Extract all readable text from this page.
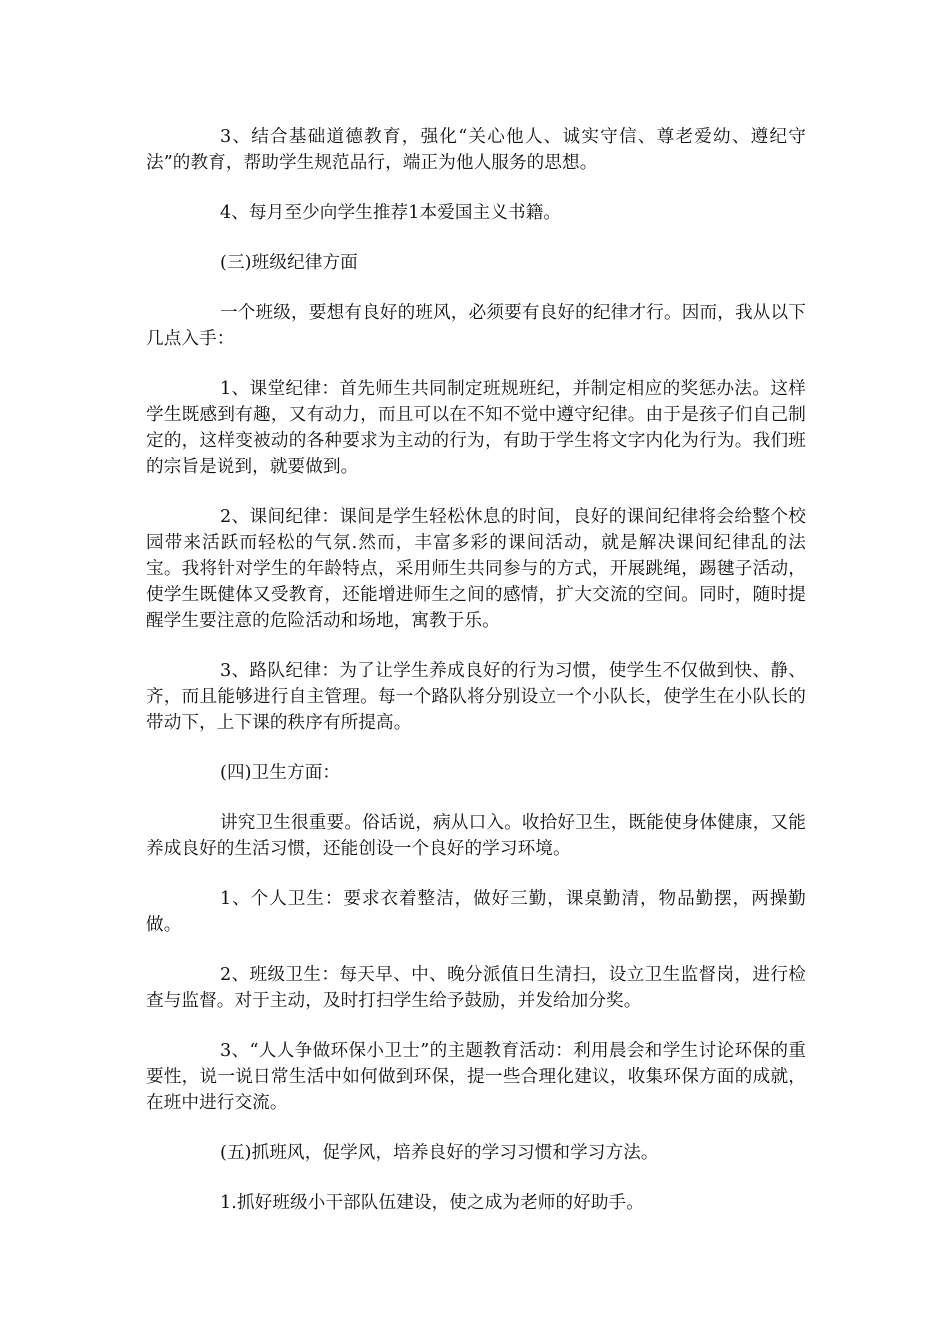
3、结合基础道德教育，强化“关心他人、诚实守信、尊老爱幼、遵纪守法”的教育，帮助学生规范品行，端正为他人服务的思想。

4、每月至少向学生推荐1本爱国主义书籍。

(三)班级纪律方面

一个班级，要想有良好的班风，必须要有良好的纪律才行。因而，我从以下几点入手：

1、课堂纪律：首先师生共同制定班规班纪，并制定相应的奖惩办法。这样学生既感到有趣，又有动力，而且可以在不知不觉中遵守纪律。由于是孩子们自己制定的，这样变被动的各种要求为主动的行为，有助于学生将文字内化为行为。我们班的宗旨是说到，就要做到。

2、课间纪律：课间是学生轻松休息的时间，良好的课间纪律将会给整个校园带来活跃而轻松的气氛.然而，丰富多彩的课间活动，就是解决课间纪律乱的法宝。我将针对学生的年龄特点，采用师生共同参与的方式，开展跳绳，踢毽子活动，使学生既健体又受教育，还能增进师生之间的感情，扩大交流的空间。同时，随时提醒学生要注意的危险活动和场地，寓教于乐。

3、路队纪律：为了让学生养成良好的行为习惯，使学生不仅做到快、静、齐，而且能够进行自主管理。每一个路队将分别设立一个小队长，使学生在小队长的带动下，上下课的秩序有所提高。

(四)卫生方面：

讲究卫生很重要。俗话说，病从口入。收拾好卫生，既能使身体健康，又能养成良好的生活习惯，还能创设一个良好的学习环境。

1、个人卫生：要求衣着整洁，做好三勤，课桌勤清，物品勤摆，两操勤做。

2、班级卫生：每天早、中、晚分派值日生清扫，设立卫生监督岗，进行检查与监督。对于主动，及时打扫学生给予鼓励，并发给加分奖。

3、“人人争做环保小卫士”的主题教育活动：利用晨会和学生讨论环保的重要性，说一说日常生活中如何做到环保，提一些合理化建议，收集环保方面的成就，在班中进行交流。

(五)抓班风，促学风，培养良好的学习习惯和学习方法。

1.抓好班级小干部队伍建设，使之成为老师的好助手。
